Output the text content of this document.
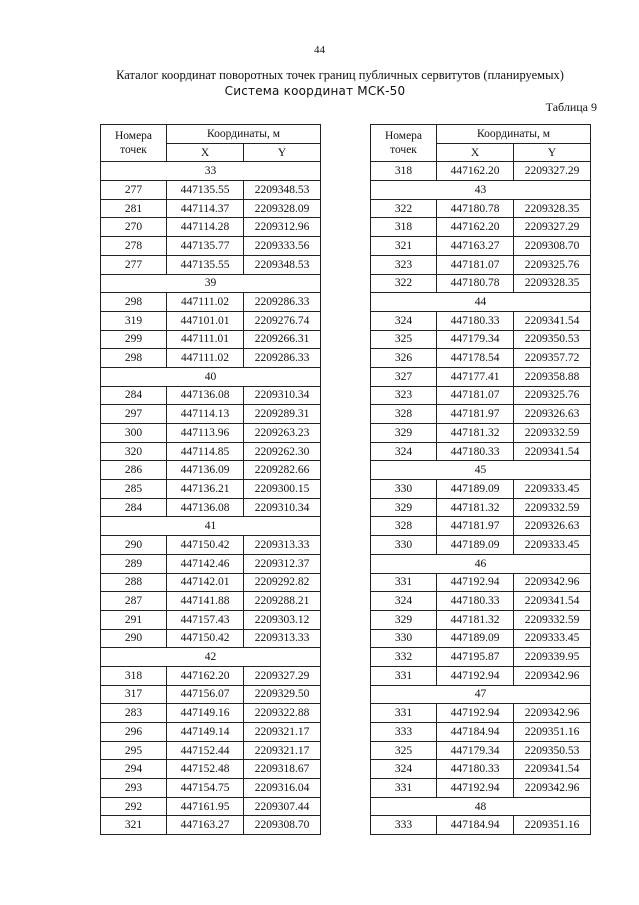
44
Каталог координат поворотных точек границ публичных сервитутов (планируемых)
Система координат МСК-50
Таблица 9
Номера
точек	Координаты, м	
	X	Y
33		
277	447135.55	2209348.53
281	447114.37	2209328.09
270	447114.28	2209312.96
278	447135.77	2209333.56
277	447135.55	2209348.53
39		
298	447111.02	2209286.33
319	447101.01	2209276.74
299	447111.01	2209266.31
298	447111.02	2209286.33
40		
284	447136.08	2209310.34
297	447114.13	2209289.31
300	447113.96	2209263.23
320	447114.85	2209262.30
286	447136.09	2209282.66
285	447136.21	2209300.15
284	447136.08	2209310.34
41		
290	447150.42	2209313.33
289	447142.46	2209312.37
288	447142.01	2209292.82
287	447141.88	2209288.21
291	447157.43	2209303.12
290	447150.42	2209313.33
42		
318	447162.20	2209327.29
317	447156.07	2209329.50
283	447149.16	2209322.88
296	447149.14	2209321.17
295	447152.44	2209321.17
294	447152.48	2209318.67
293	447154.75	2209316.04
292	447161.95	2209307.44
321	447163.27	2209308.70
Номера
точек	Координаты, м	
	X	Y
318	447162.20	2209327.29
43		
322	447180.78	2209328.35
318	447162.20	2209327.29
321	447163.27	2209308.70
323	447181.07	2209325.76
322	447180.78	2209328.35
44		
324	447180.33	2209341.54
325	447179.34	2209350.53
326	447178.54	2209357.72
327	447177.41	2209358.88
323	447181.07	2209325.76
328	447181.97	2209326.63
329	447181.32	2209332.59
324	447180.33	2209341.54
45		
330	447189.09	2209333.45
329	447181.32	2209332.59
328	447181.97	2209326.63
330	447189.09	2209333.45
46		
331	447192.94	2209342.96
324	447180.33	2209341.54
329	447181.32	2209332.59
330	447189.09	2209333.45
332	447195.87	2209339.95
331	447192.94	2209342.96
47		
331	447192.94	2209342.96
333	447184.94	2209351.16
325	447179.34	2209350.53
324	447180.33	2209341.54
331	447192.94	2209342.96
48		
333	447184.94	2209351.16
